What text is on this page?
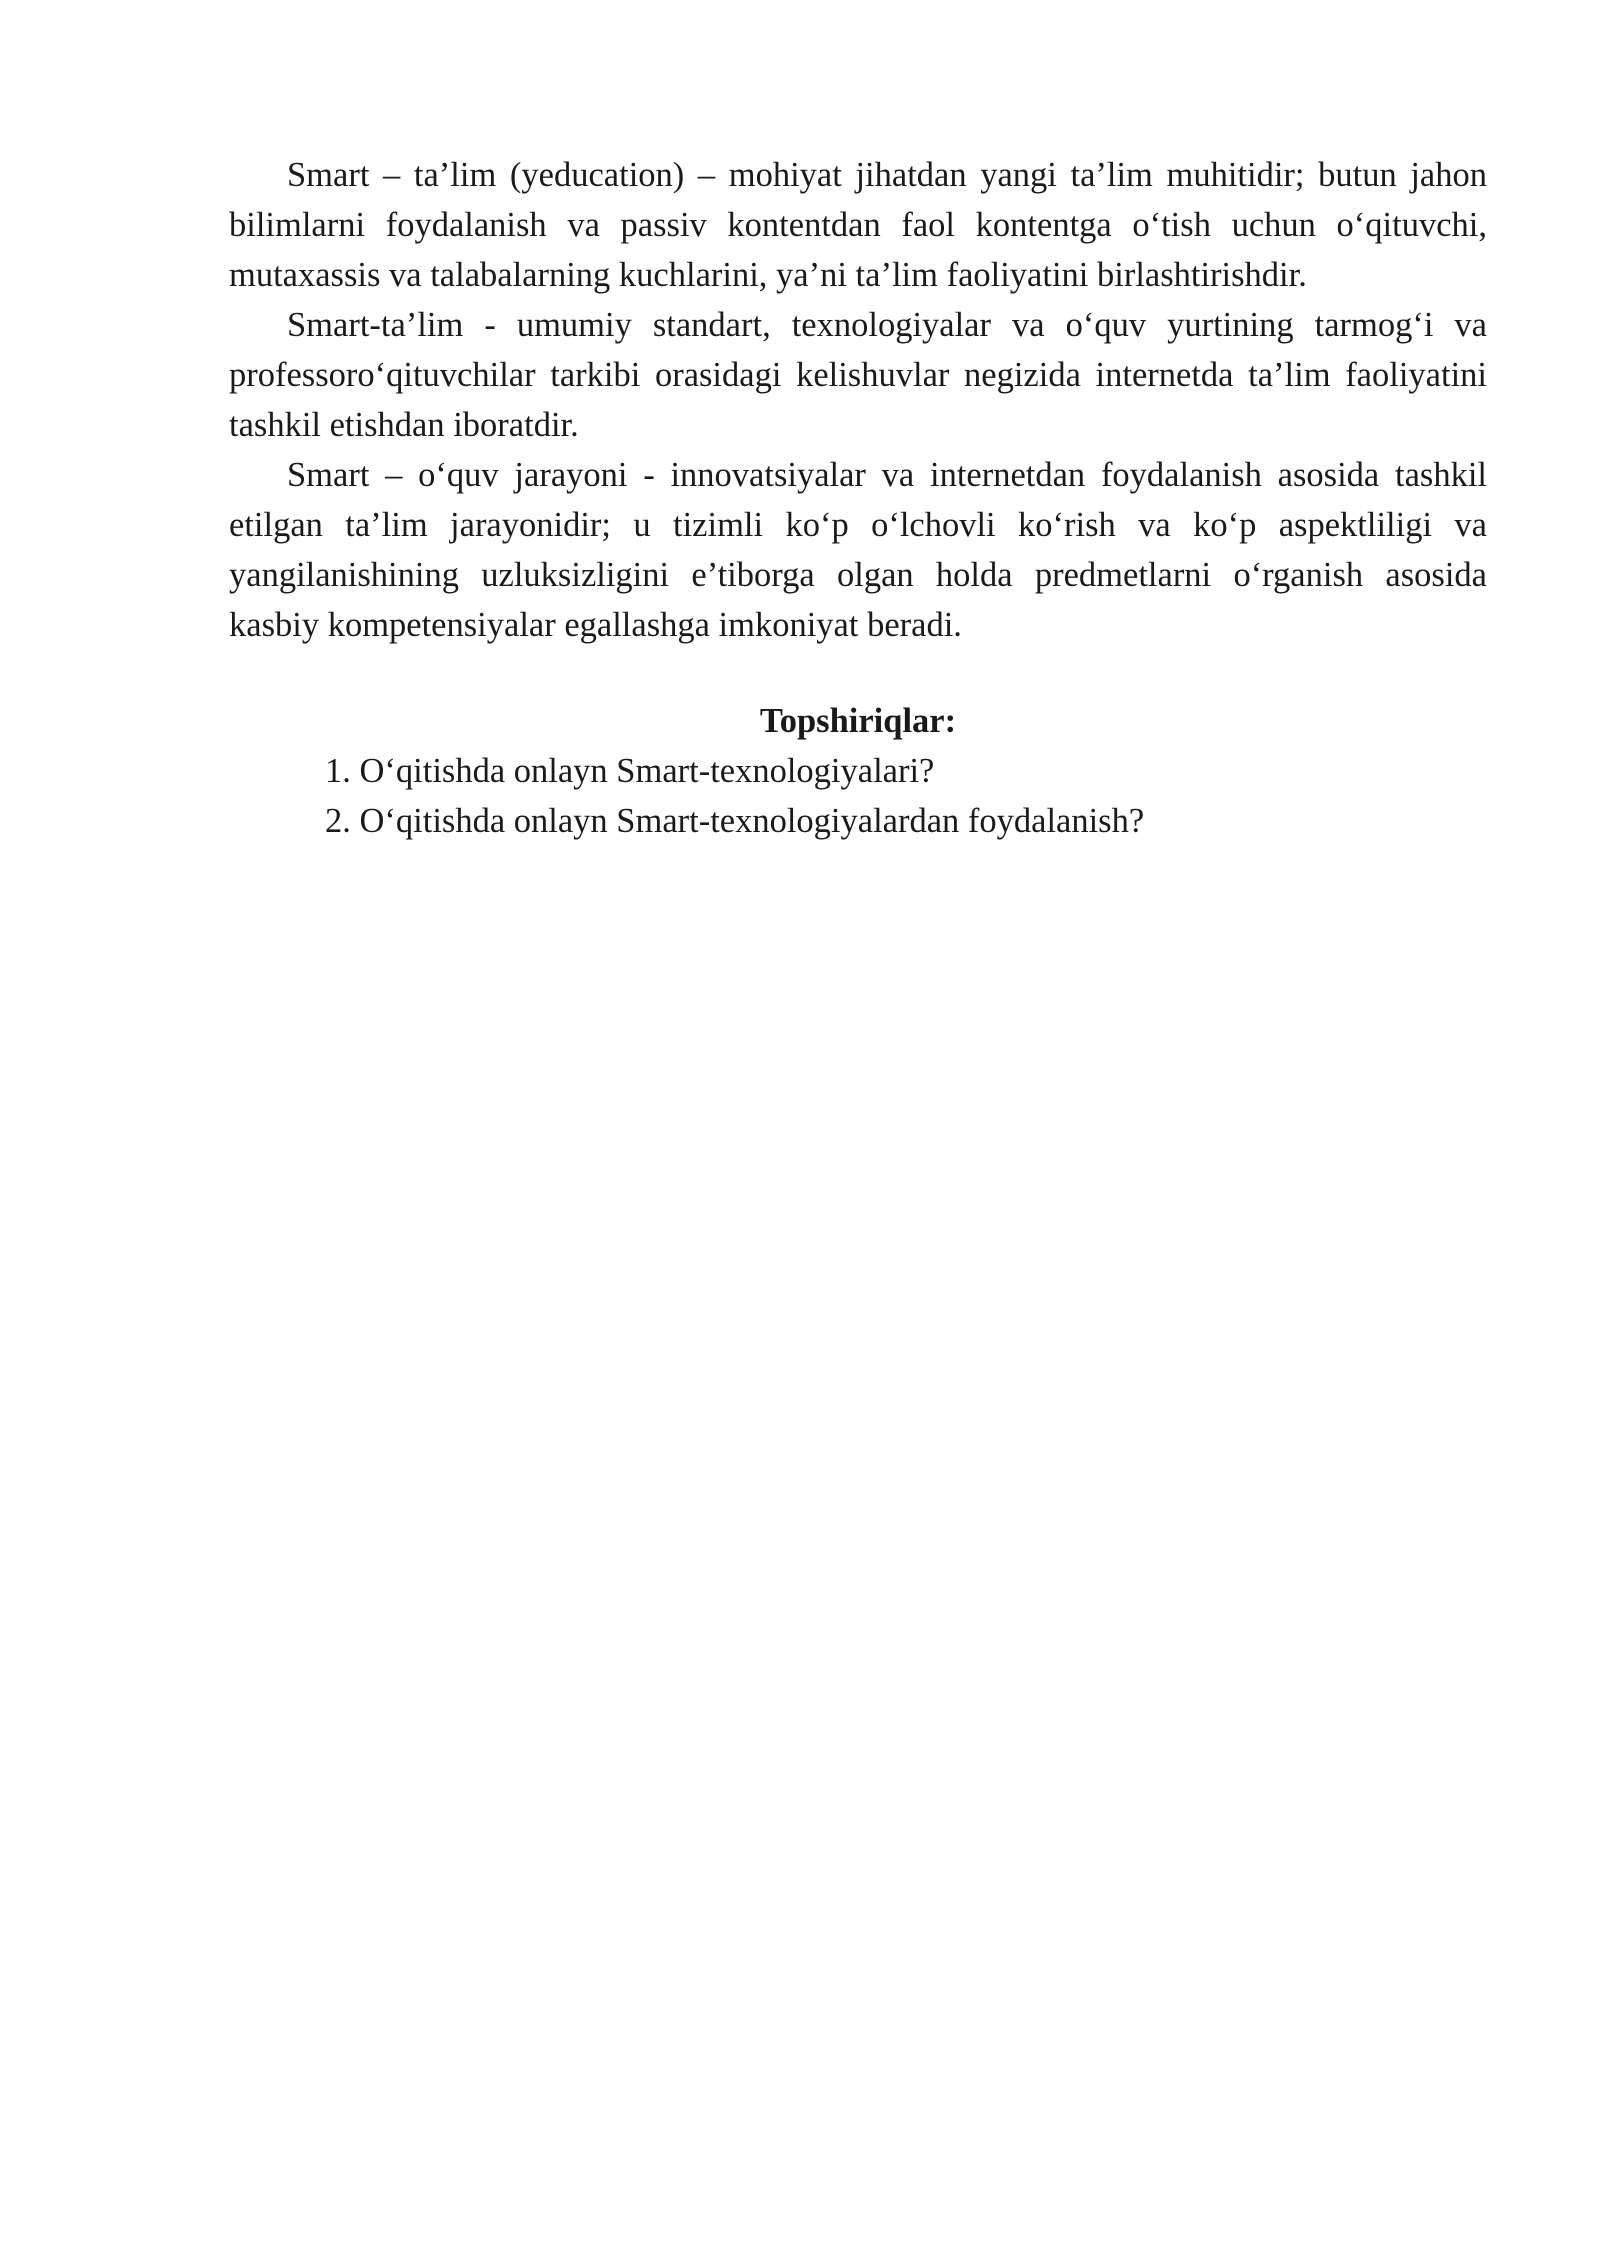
Smart – ta’lim (yeducation) – mohiyat jihatdan yangi ta’lim muhitidir; butun jahon bilimlarni foydalanish va passiv kontentdan faol kontentga o‘tish uchun o‘qituvchi, mutaxassis va talabalarning kuchlarini, ya’ni ta’lim faoliyatini birlashtirishdir.

Smart-ta’lim - umumiy standart, texnologiyalar va o‘quv yurtining tarmog‘i va professoro‘qituvchilar tarkibi orasidagi kelishuvlar negizida internetda ta’lim faoliyatini tashkil etishdan iboratdir.

Smart – o‘quv jarayoni - innovatsiyalar va internetdan foydalanish asosida tashkil etilgan ta’lim jarayonidir; u tizimli ko‘p o‘lchovli ko‘rish va ko‘p aspektliligi va yangilanishining uzluksizligini e’tiborga olgan holda predmetlarni o‘rganish asosida kasbiy kompetensiyalar egallashga imkoniyat beradi.

Topshiriqlar:

1. O‘qitishda onlayn Smart-texnologiyalari?
2. O‘qitishda onlayn Smart-texnologiyalardan foydalanish?
